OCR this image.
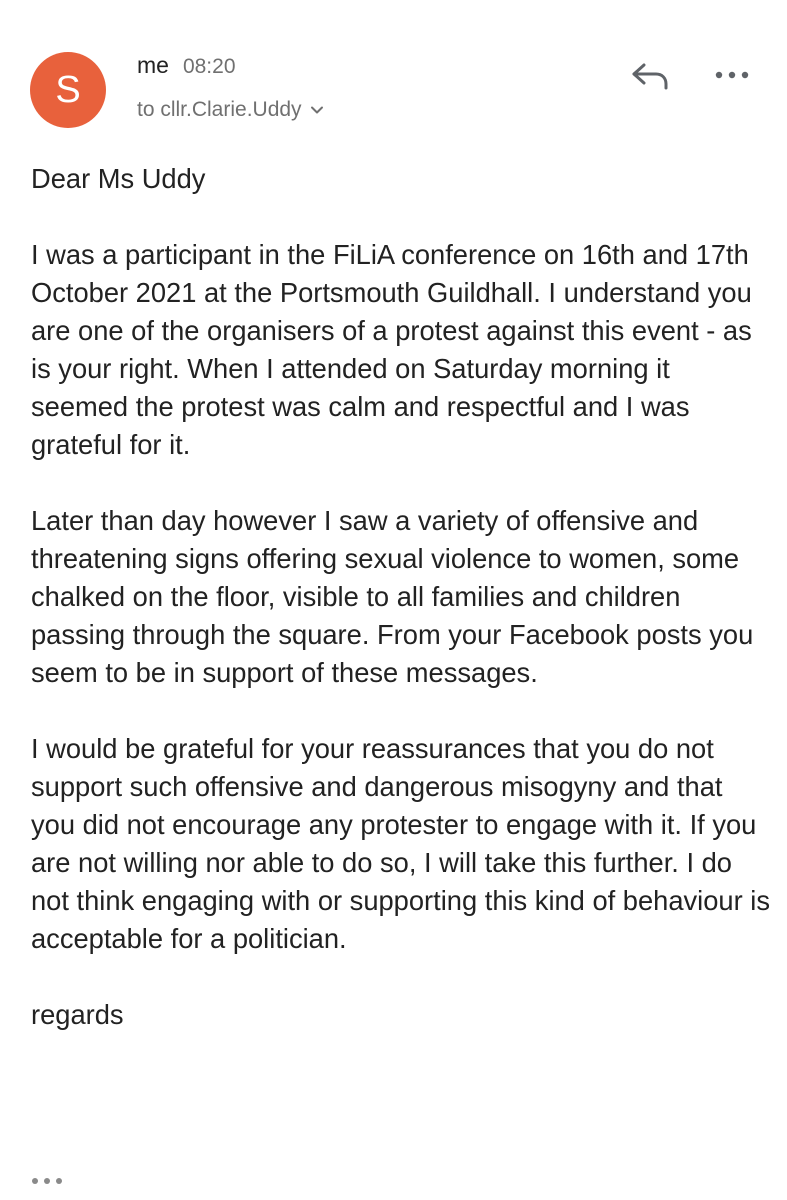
S
me 08:20
to cllr.Clarie.Uddy

Dear Ms Uddy

I was a participant in the FiLiA conference on 16th and 17th October 2021 at the Portsmouth Guildhall. I understand you are one of the organisers of a protest against this event - as is your right. When I attended on Saturday morning it seemed the protest was calm and respectful and I was grateful for it.

Later than day however I saw a variety of offensive and threatening signs offering sexual violence to women, some chalked on the floor, visible to all families and children passing through the square. From your Facebook posts you seem to be in support of these messages.

I would be grateful for your reassurances that you do not support such offensive and dangerous misogyny and that you did not encourage any protester to engage with it. If you are not willing nor able to do so, I will take this further. I do not think engaging with or supporting this kind of behaviour is acceptable for a politician.

regards
